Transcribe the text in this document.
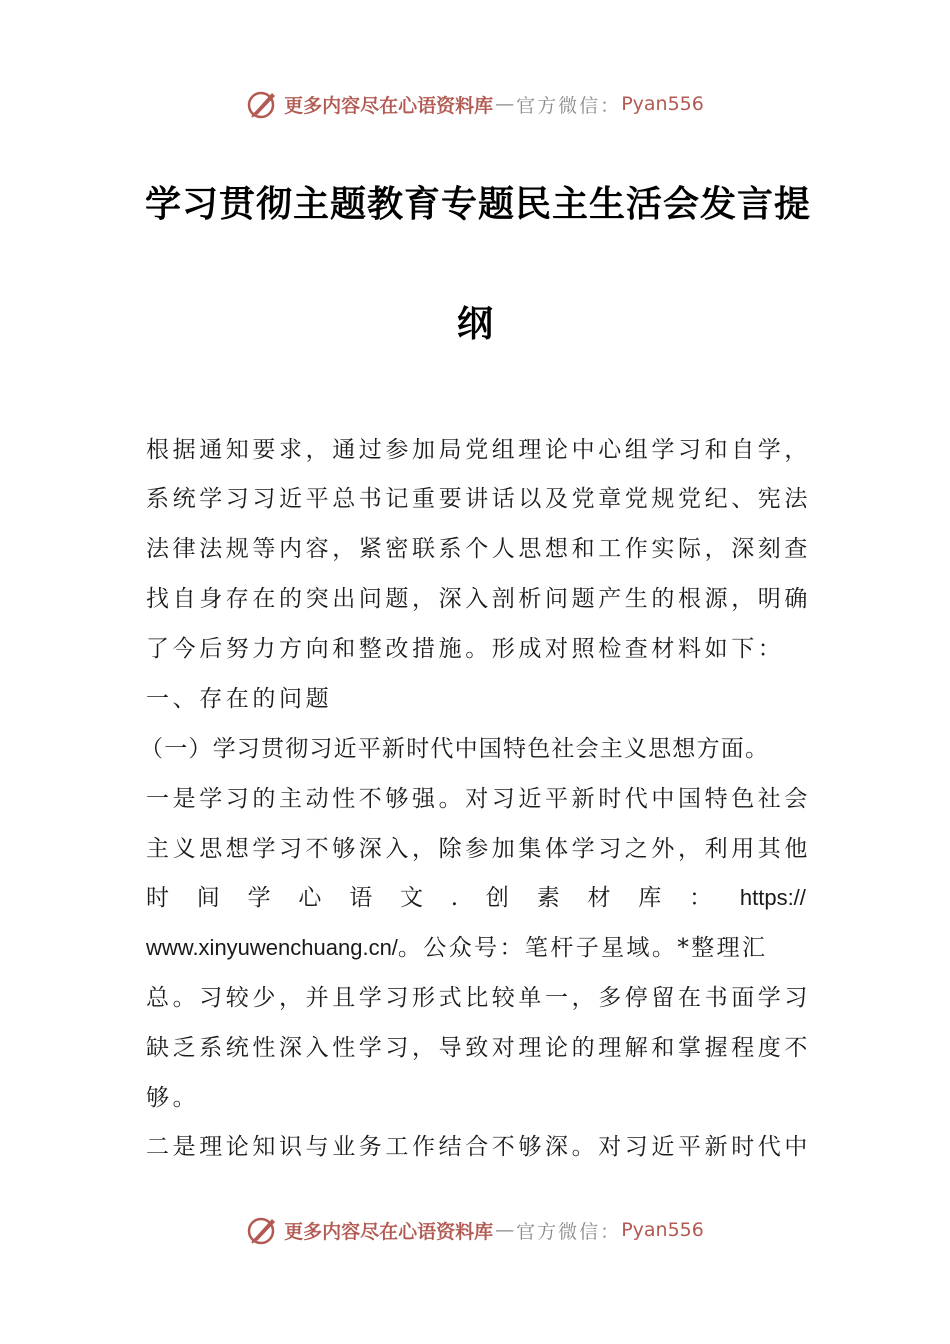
更多内容尽在心语资料库 — 官方微信： Pyan556
学习贯彻主题教育专题民主生活会发言提
纲
根据通知要求，通过参加局党组理论中心组学习和自学，
系统学习习近平总书记重要讲话以及党章党规党纪、宪法
法律法规等内容，紧密联系个人思想和工作实际，深刻查
找自身存在的突出问题，深入剖析问题产生的根源，明确
了今后努力方向和整改措施。形成对照检查材料如下：
一、存在的问题
（一）学习贯彻习近平新时代中国特色社会主义思想方面。
一是学习的主动性不够强。对习近平新时代中国特色社会
主义思想学习不够深入，除参加集体学习之外，利用其他
时 间 学 心 语 文 . 创 素 材 库 ： https://
www.xinyuwenchuang.cn/。公众号：笔杆子星域。*整理汇
总。习较少，并且学习形式比较单一，多停留在书面学习
缺乏系统性深入性学习，导致对理论的理解和掌握程度不
够。
二是理论知识与业务工作结合不够深。对习近平新时代中
更多内容尽在心语资料库 — 官方微信： Pyan556
